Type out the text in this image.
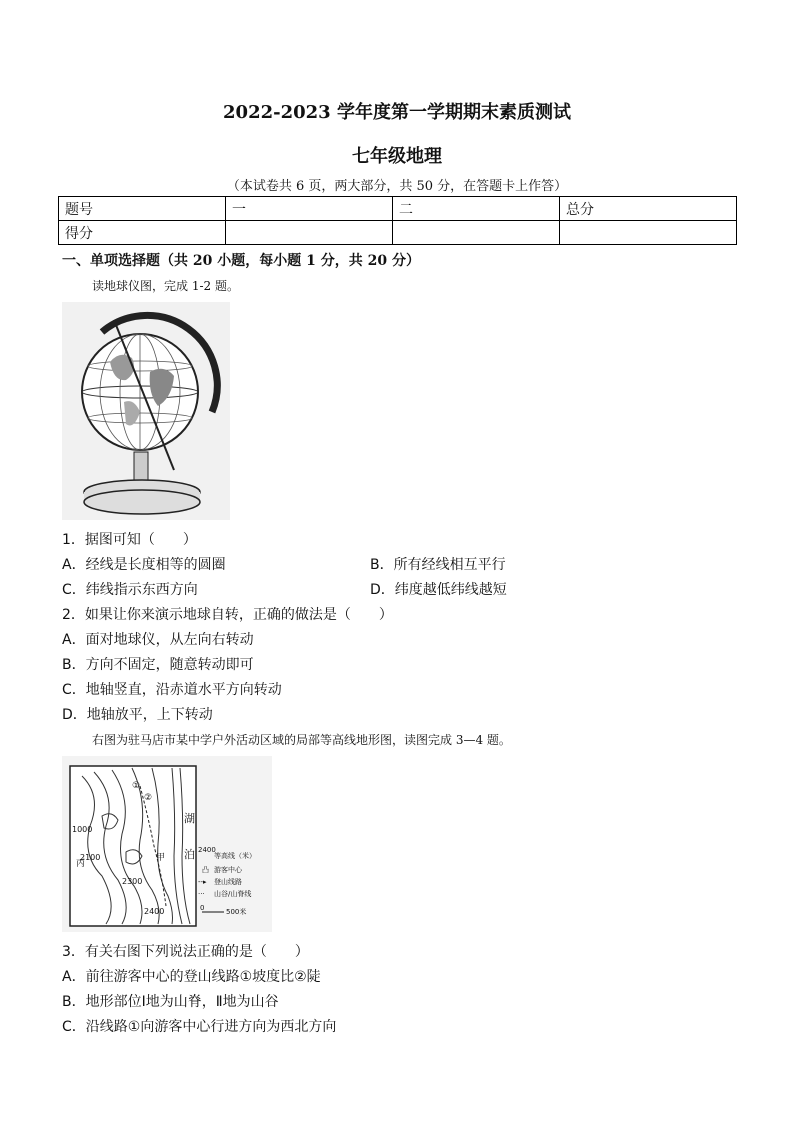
2022-2023 学年度第一学期期末素质测试
七年级地理
（本试卷共 6 页，两大部分，共 50 分，在答题卡上作答）
题号	一	二	总分
得分			
一、单项选择题（共 20 小题，每小题 1 分，共 20 分）
读地球仪图，完成 1-2 题。
1．据图可知（　　）
A．经线是长度相等的圆圈	B．所有经线相互平行
C．纬线指示东西方向	D．纬度越低纬线越短
2．如果让你来演示地球自转，正确的做法是（　　）
A．面对地球仪，从左向右转动
B．方向不固定，随意转动即可
C．地轴竖直，沿赤道水平方向转动
D．地轴放平，上下转动
右图为驻马店市某中学户外活动区域的局部等高线地形图，读图完成 3—4 题。
1000
2100
2300
2400
甲
丙
①
②
湖
泊 2400
等高线（米）
凸 游客中心
--▸ 登山线路
··· 山谷/山脊线
0	500米
3．有关右图下列说法正确的是（　　）
A．前往游客中心的登山线路①坡度比②陡
B．地形部位Ⅰ地为山脊，Ⅱ地为山谷
C．沿线路①向游客中心行进方向为西北方向
